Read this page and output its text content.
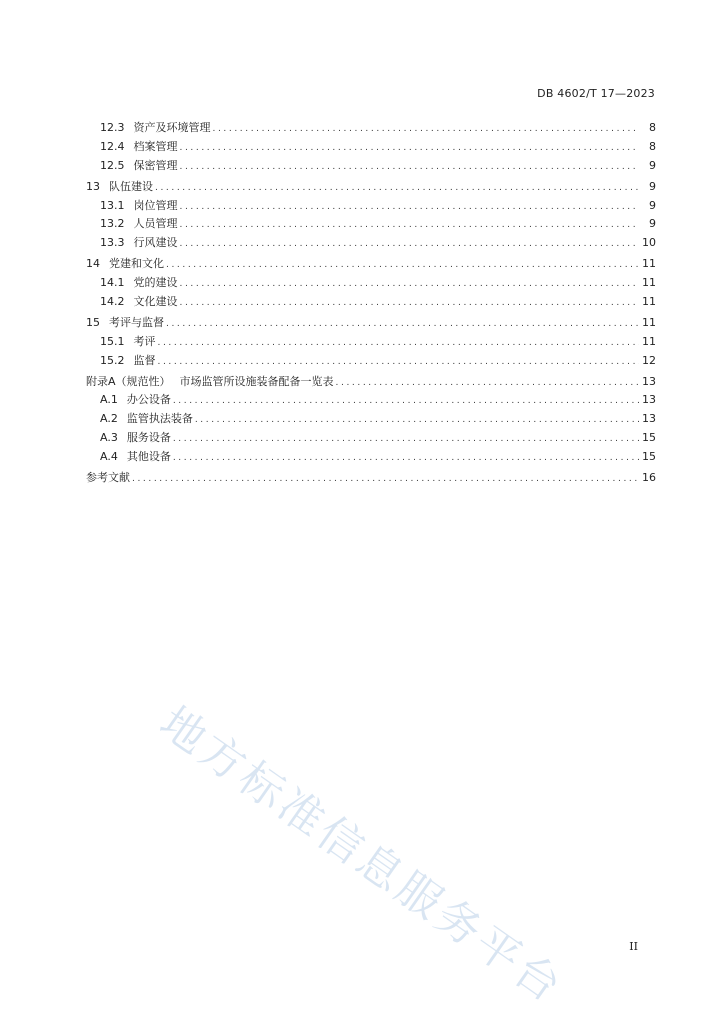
DB 4602/T 17—2023
12.3 资产及环境管理 .....	8
12.4 档案管理 .....	8
12.5 保密管理 .....	9
13 队伍建设 .....	9
13.1 岗位管理 .....	9
13.2 人员管理 .....	9
13.3 行风建设 .....	10
14 党建和文化 .....	11
14.1 党的建设 .....	11
14.2 文化建设 .....	11
15 考评与监督 .....	11
15.1 考评 .....	11
15.2 监督 .....	12
附录A（规范性） 市场监管所设施装备配备一览表 .....	13
A.1 办公设备 .....	13
A.2 监管执法装备 .....	13
A.3 服务设备 .....	15
A.4 其他设备 .....	15
参考文献 .....	16
地方标准信息服务平台	II
